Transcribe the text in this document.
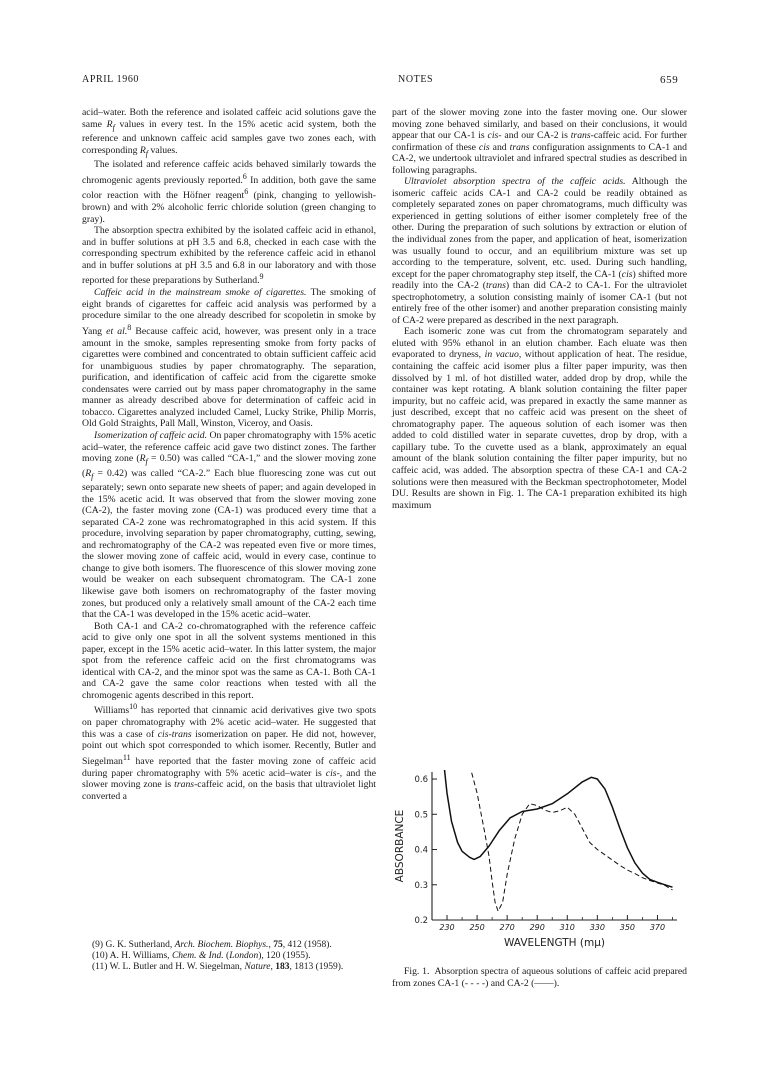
APRIL 1960	NOTES	659

acid–water. Both the reference and isolated caffeic acid solutions gave the same $R_f$ values in every test. In the 15% acetic acid system, both the reference and unknown caffeic acid samples gave two zones each, with corresponding $R_f$ values.

The isolated and reference caffeic acids behaved similarly towards the chromogenic agents previously reported.$^6$ In addition, both gave the same color reaction with the Höfner reagent$^6$ (pink, changing to yellowish-brown) and with 2% alcoholic ferric chloride solution (green changing to gray).

The absorption spectra exhibited by the isolated caffeic acid in ethanol, and in buffer solutions at pH 3.5 and 6.8, checked in each case with the corresponding spectrum exhibited by the reference caffeic acid in ethanol and in buffer solutions at pH 3.5 and 6.8 in our laboratory and with those reported for these preparations by Sutherland.$^9$

Caffeic acid in the mainstream smoke of cigarettes. The smoking of eight brands of cigarettes for caffeic acid analysis was performed by a procedure similar to the one already described for scopoletin in smoke by Yang et al.$^8$ Because caffeic acid, however, was present only in a trace amount in the smoke, samples representing smoke from forty packs of cigarettes were combined and concentrated to obtain sufficient caffeic acid for unambiguous studies by paper chromatography. The separation, purification, and identification of caffeic acid from the cigarette smoke condensates were carried out by mass paper chromatography in the same manner as already described above for determination of caffeic acid in tobacco. Cigarettes analyzed included Camel, Lucky Strike, Philip Morris, Old Gold Straights, Pall Mall, Winston, Viceroy, and Oasis.

Isomerization of caffeic acid. On paper chromatography with 15% acetic acid–water, the reference caffeic acid gave two distinct zones. The farther moving zone $(R_f = 0.50)$ was called “CA-1,” and the slower moving zone $(R_f = 0.42)$ was called “CA-2.” Each blue fluorescing zone was cut out separately; sewn onto separate new sheets of paper; and again developed in the 15% acetic acid. It was observed that from the slower moving zone (CA-2), the faster moving zone (CA-1) was produced every time that a separated CA-2 zone was rechromatographed in this acid system. If this procedure, involving separation by paper chromatography, cutting, sewing, and rechromatography of the CA-2 was repeated even five or more times, the slower moving zone of caffeic acid, would in every case, continue to change to give both isomers. The fluorescence of this slower moving zone would be weaker on each subsequent chromatogram. The CA-1 zone likewise gave both isomers on rechromatography of the faster moving zones, but produced only a relatively small amount of the CA-2 each time that the CA-1 was developed in the 15% acetic acid–water.

Both CA-1 and CA-2 co-chromatographed with the reference caffeic acid to give only one spot in all the solvent systems mentioned in this paper, except in the 15% acetic acid–water. In this latter system, the major spot from the reference caffeic acid on the first chromatograms was identical with CA-2, and the minor spot was the same as CA-1. Both CA-1 and CA-2 gave the same color reactions when tested with all the chromogenic agents described in this report.

Williams$^{10}$ has reported that cinnamic acid derivatives give two spots on paper chromatography with 2% acetic acid–water. He suggested that this was a case of cis-trans isomerization on paper. He did not, however, point out which spot corresponded to which isomer. Recently, Butler and Siegelman$^{11}$ have reported that the faster moving zone of caffeic acid during paper chromatography with 5% acetic acid–water is cis-, and the slower moving zone is trans-caffeic acid, on the basis that ultraviolet light converted a

part of the slower moving zone into the faster moving one. Our slower moving zone behaved similarly, and based on their conclusions, it would appear that our CA-1 is cis- and our CA-2 is trans-caffeic acid. For further confirmation of these cis and trans configuration assignments to CA-1 and CA-2, we undertook ultraviolet and infrared spectral studies as described in following paragraphs.

Ultraviolet absorption spectra of the caffeic acids. Although the isomeric caffeic acids CA-1 and CA-2 could be readily obtained as completely separated zones on paper chromatograms, much difficulty was experienced in getting solutions of either isomer completely free of the other. During the preparation of such solutions by extraction or elution of the individual zones from the paper, and application of heat, isomerization was usually found to occur, and an equilibrium mixture was set up according to the temperature, solvent, etc. used. During such handling, except for the paper chromatography step itself, the CA-1 (cis) shifted more readily into the CA-2 (trans) than did CA-2 to CA-1. For the ultraviolet spectrophotometry, a solution consisting mainly of isomer CA-1 (but not entirely free of the other isomer) and another preparation consisting mainly of CA-2 were prepared as described in the next paragraph.

Each isomeric zone was cut from the chromatogram separately and eluted with 95% ethanol in an elution chamber. Each eluate was then evaporated to dryness, in vacuo, without application of heat. The residue, containing the caffeic acid isomer plus a filter paper impurity, was then dissolved by 1 ml. of hot distilled water, added drop by drop, while the container was kept rotating. A blank solution containing the filter paper impurity, but no caffeic acid, was prepared in exactly the same manner as just described, except that no caffeic acid was present on the sheet of chromatography paper. The aqueous solution of each isomer was then added to cold distilled water in separate cuvettes, drop by drop, with a capillary tube. To the cuvette used as a blank, approximately an equal amount of the blank solution containing the filter paper impurity, but no caffeic acid, was added. The absorption spectra of these CA-1 and CA-2 solutions were then measured with the Beckman spectrophotometer, Model DU. Results are shown in Fig. 1. The CA-1 preparation exhibited its high maximum

(9) G. K. Sutherland, Arch. Biochem. Biophys., 75, 412 (1958).

(10) A. H. Williams, Chem. & Ind. (London), 120 (1955).

(11) W. L. Butler and H. W. Siegelman, Nature, 183, 1813 (1959).

0.2
0.3
0.4
0.5
0.6
230 250 270 290 310 330 350 370
ABSORBANCE
WAVELENGTH (mμ)

Fig. 1.  Absorption spectra of aqueous solutions of caffeic acid prepared from zones CA-1 (- - - -) and CA-2 (——).
